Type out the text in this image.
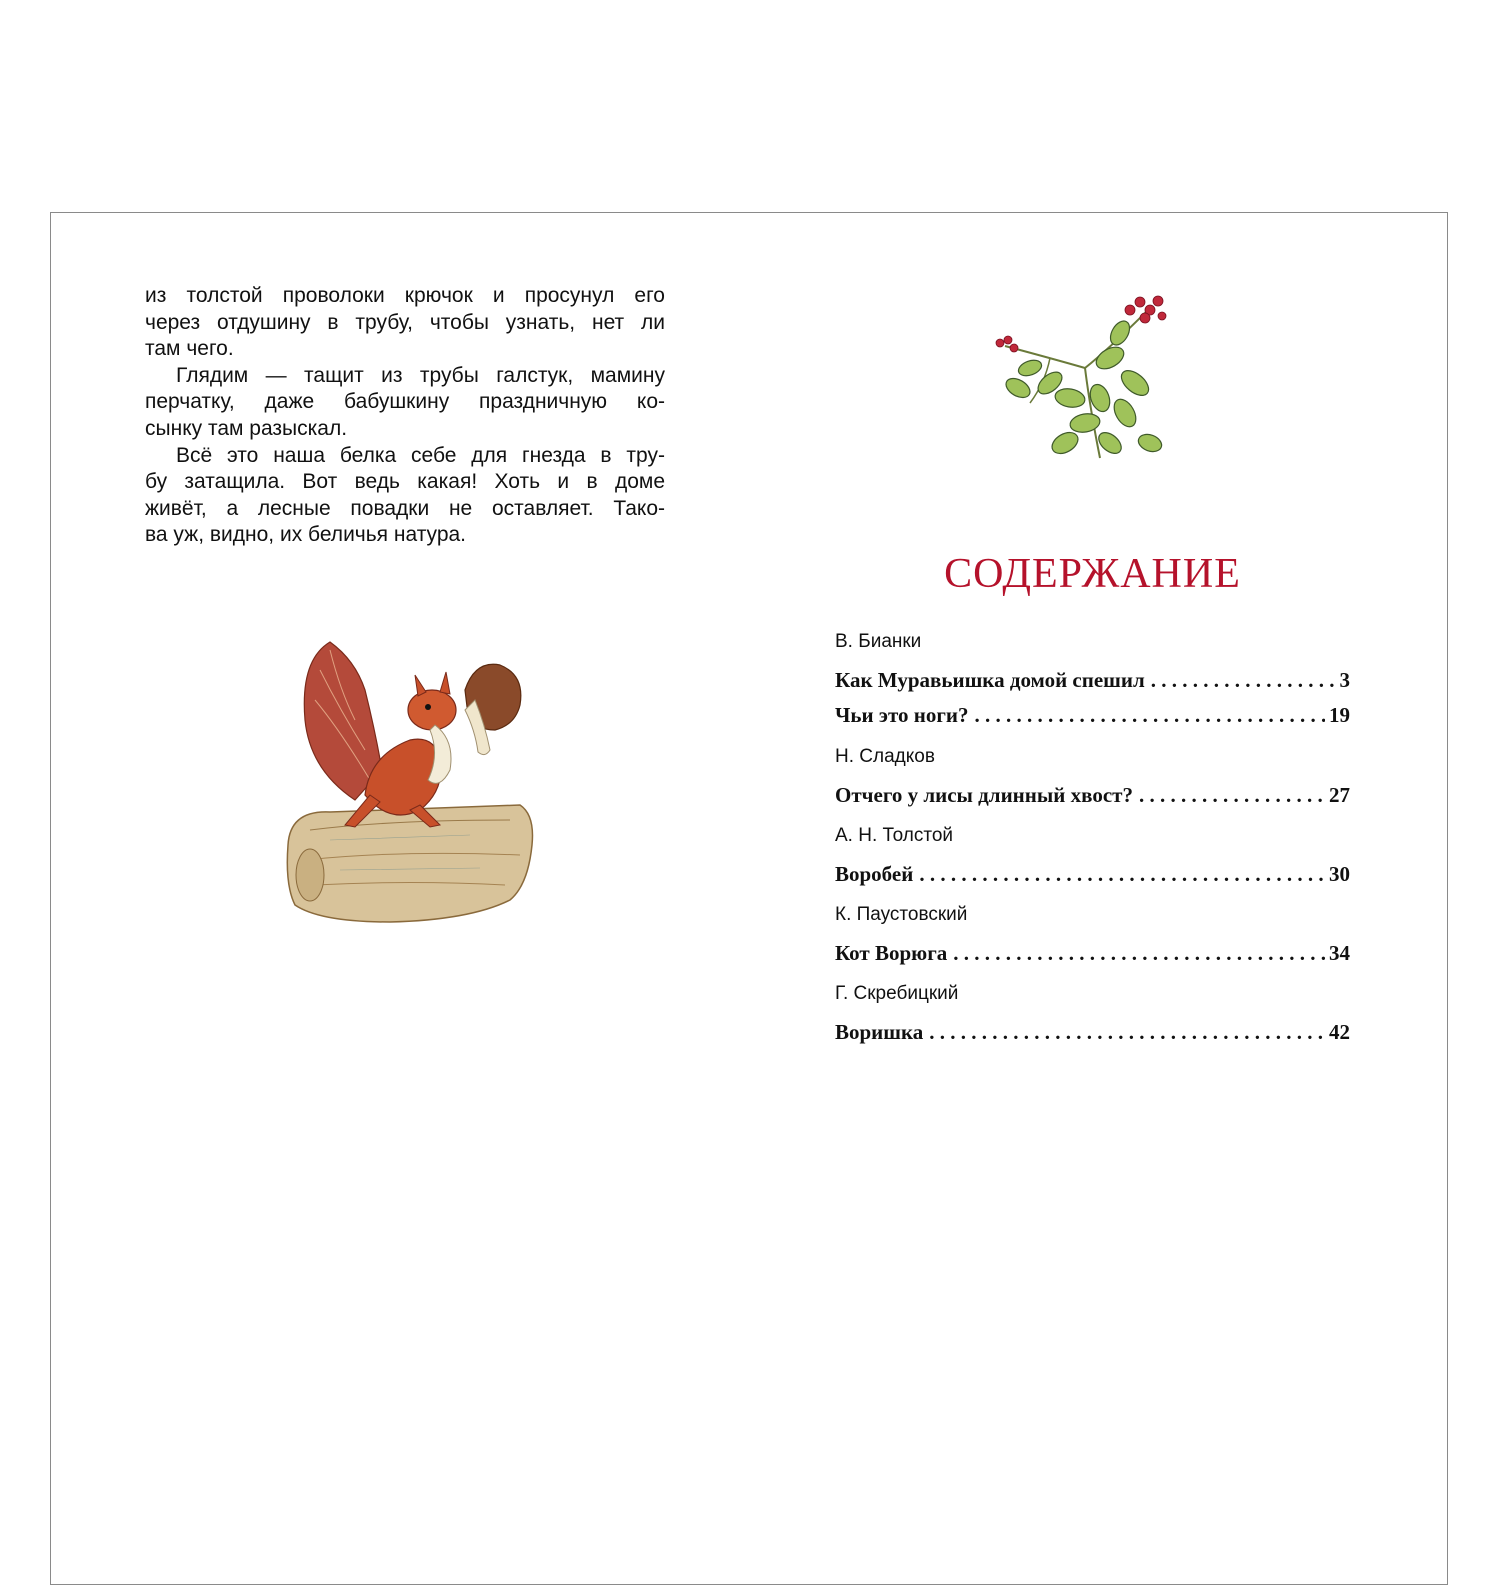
из толстой проволоки крючок и просунул его
через отдушину в трубу, чтобы узнать, нет ли
там чего.
Глядим — тащит из трубы галстук, мамину
перчатку, даже бабушкину праздничную ко-
сынку там разыскал.
Всё это наша белка себе для гнезда в тру-
бу затащила. Вот ведь какая! Хоть и в доме
живёт, а лесные повадки не оставляет. Тако-
ва уж, видно, их беличья натура.
СОДЕРЖАНИЕ
В. Бианки
Как Муравьишка домой спешил . . .	3
Чьи это ноги? . . .	19
Н. Сладков
Отчего у лисы длинный хвост? . . .	27
А. Н. Толстой
Воробей . . .	30
К. Паустовский
Кот Ворюга . . .	34
Г. Скребицкий
Воришка . . .	42
